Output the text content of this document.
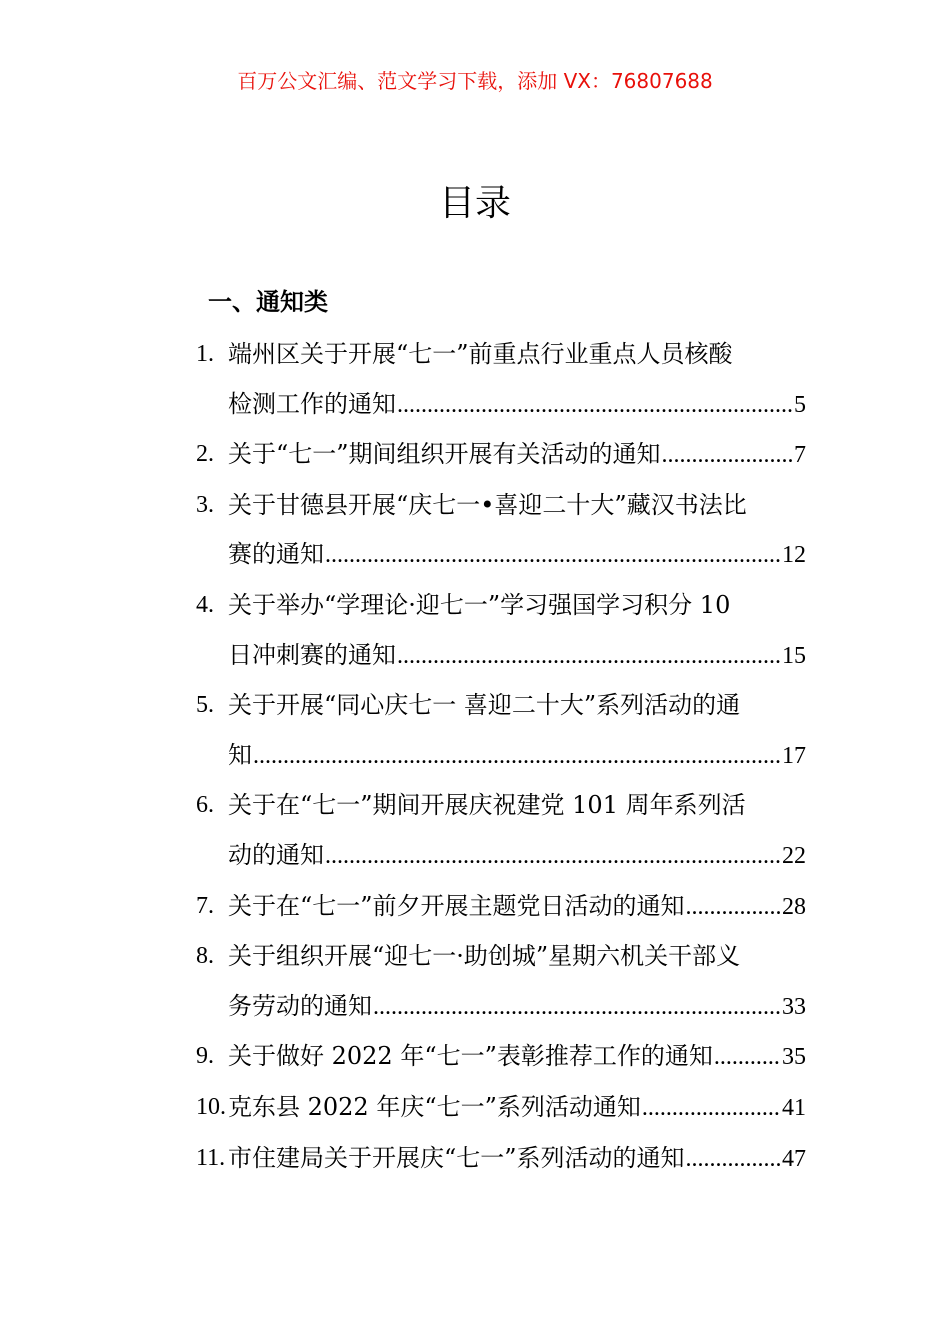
百万公文汇编、范文学习下载，添加 VX：76807688
目录
一、通知类
1. 端州区关于开展“七一”前重点行业重点人员核酸
检测工作的通知 .....	5
2. 关于“七一”期间组织开展有关活动的通知 .....	7
3. 关于甘德县开展“庆七一•喜迎二十大”藏汉书法比
赛的通知 .....	12
4. 关于举办“学理论·迎七一”学习强国学习积分 10
日冲刺赛的通知 .....	15
5. 关于开展“同心庆七一 喜迎二十大”系列活动的通
知 .....	17
6. 关于在“七一”期间开展庆祝建党 101 周年系列活
动的通知 .....	22
7. 关于在“七一”前夕开展主题党日活动的通知 .....	28
8. 关于组织开展“迎七一·助创城”星期六机关干部义
务劳动的通知 .....	33
9. 关于做好 2022 年“七一”表彰推荐工作的通知 .....	35
10. 克东县 2022 年庆“七一”系列活动通知 .....	41
11. 市住建局关于开展庆“七一”系列活动的通知 .....	47
